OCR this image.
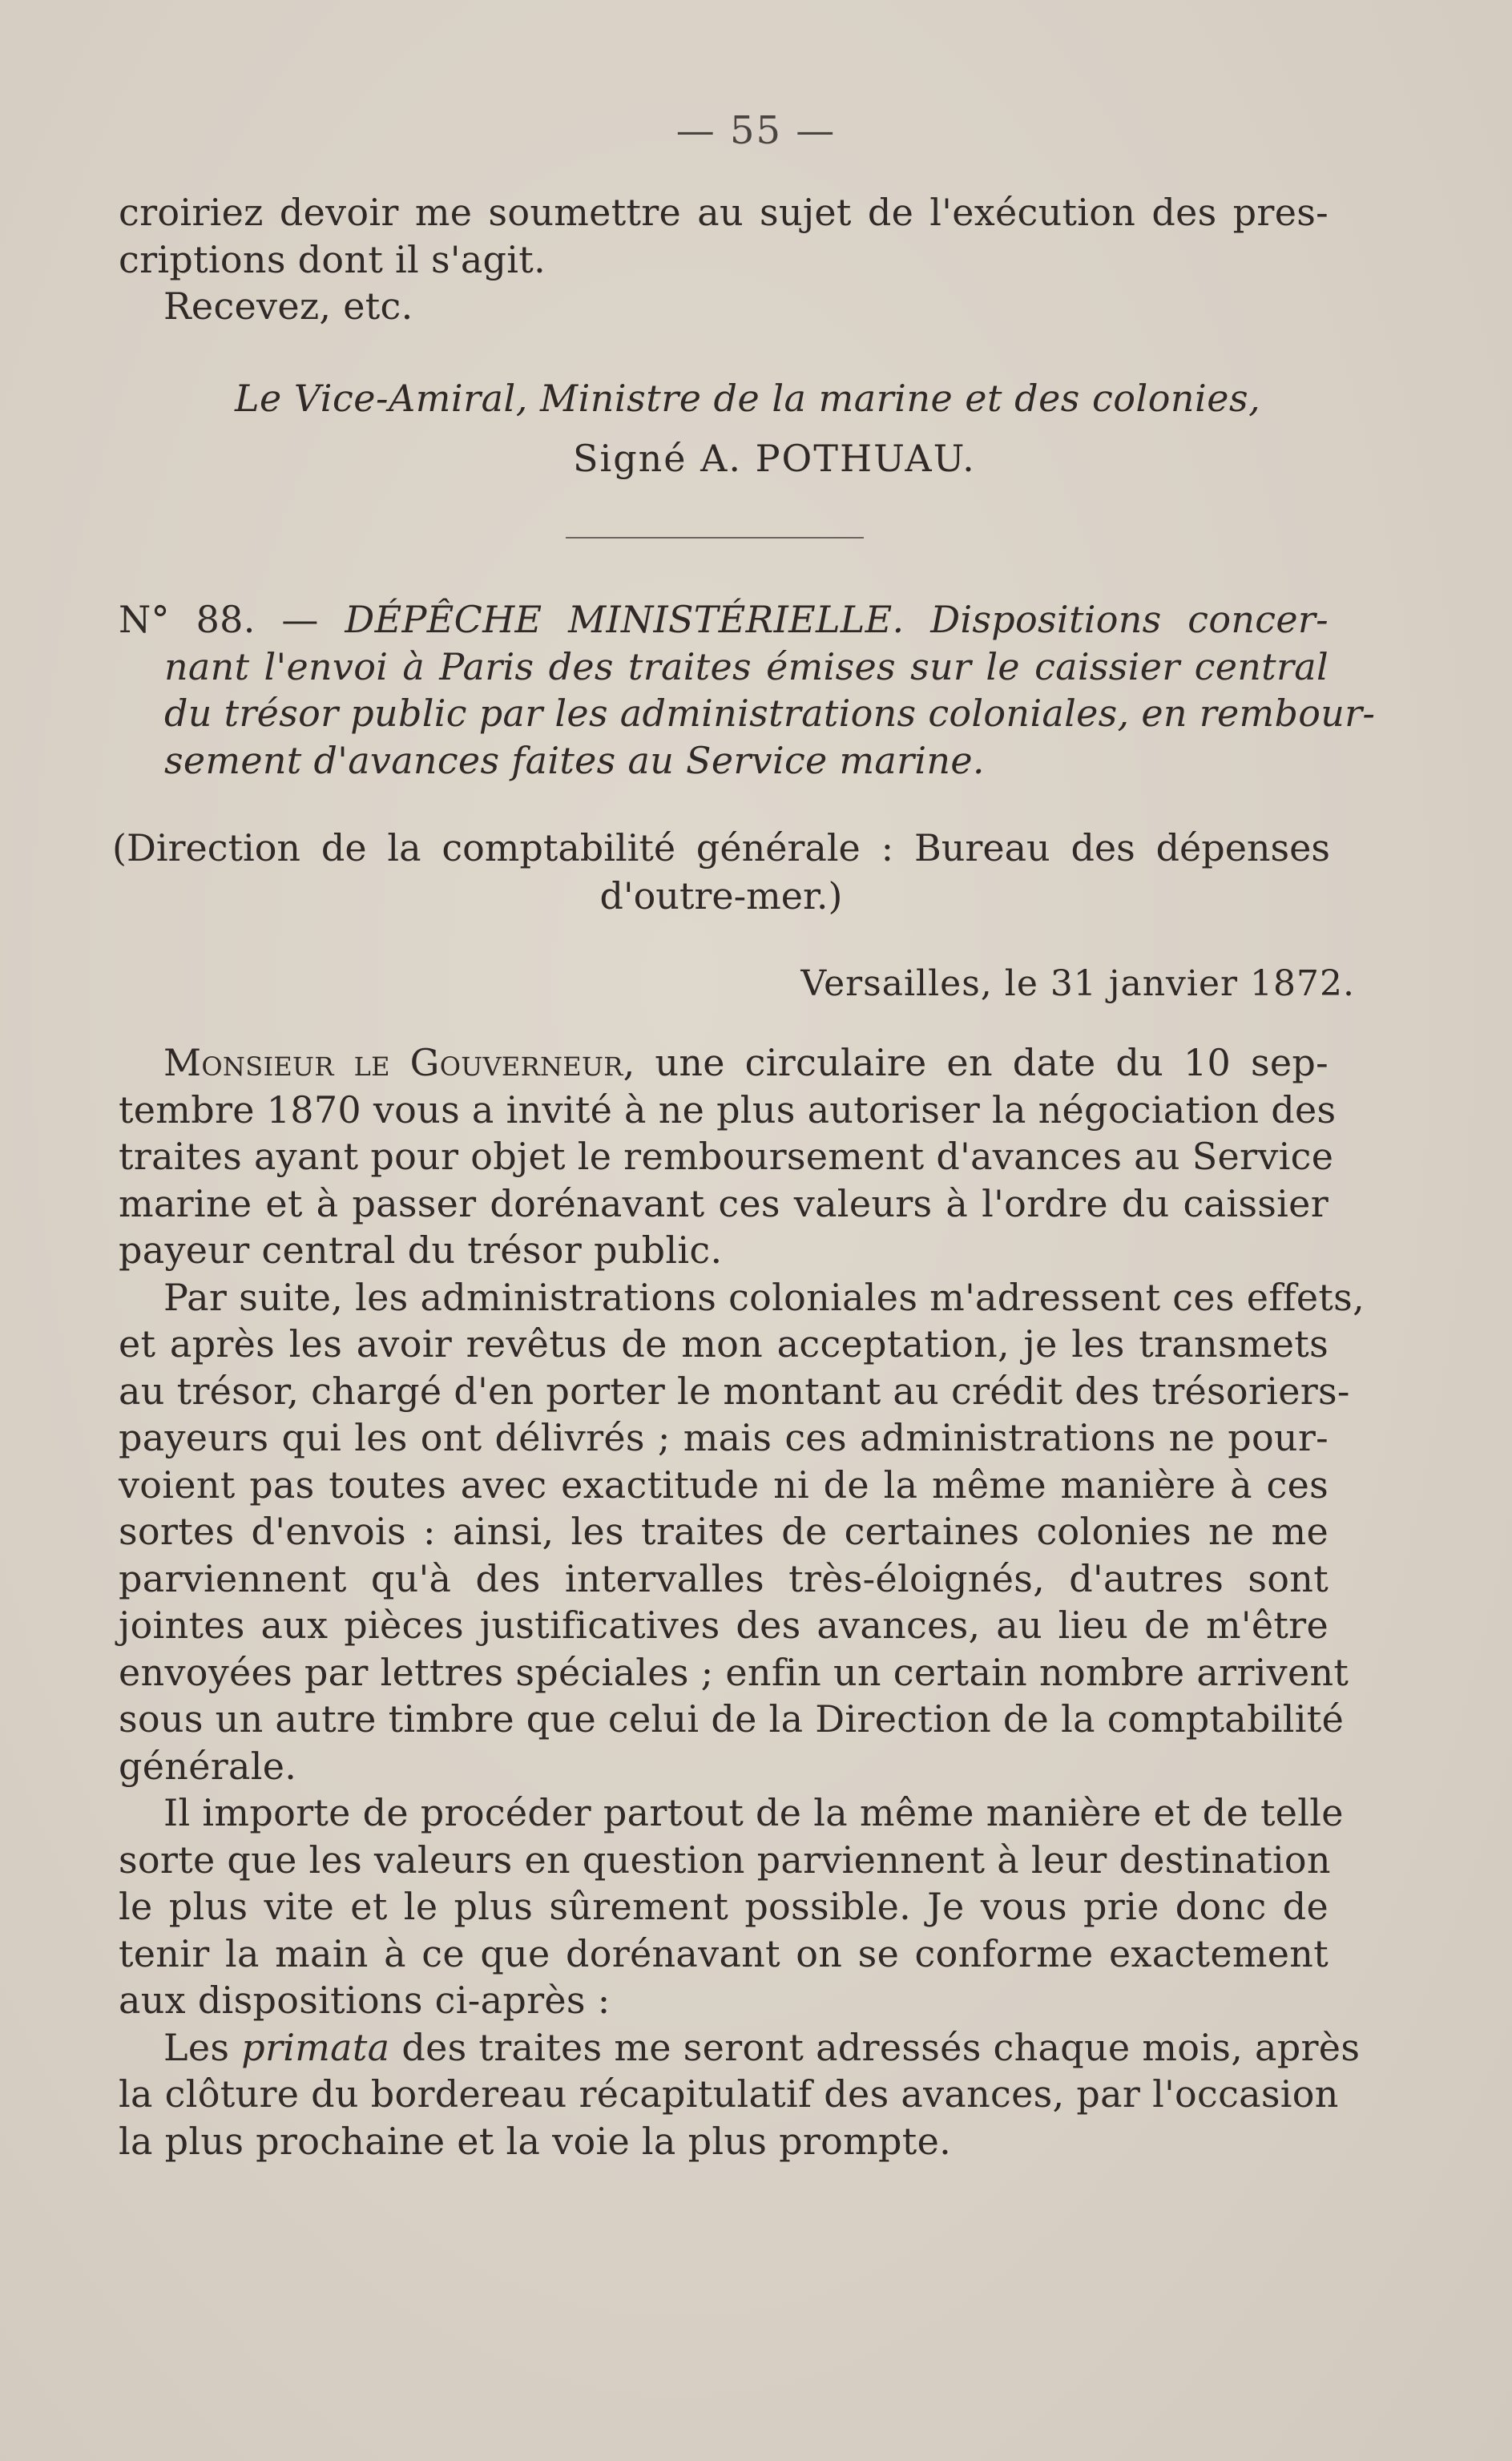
— 55 —
croiriez devoir me soumettre au sujet de l'exécution des pres-
criptions dont il s'agit.
Recevez, etc.
Le Vice-Amiral, Ministre de la marine et des colonies,
Signé A. POTHUAU.
N° 88. — DÉPÊCHE MINISTÉRIELLE. Dispositions concer-
nant l'envoi à Paris des traites émises sur le caissier central
du trésor public par les administrations coloniales, en rembour-
sement d'avances faites au Service marine.
(Direction de la comptabilité générale : Bureau des dépenses
d'outre-mer.)
Versailles, le 31 janvier 1872.
Monsieur le Gouverneur, une circulaire en date du 10 sep-
tembre 1870 vous a invité à ne plus autoriser la négociation des
traites ayant pour objet le remboursement d'avances au Service
marine et à passer dorénavant ces valeurs à l'ordre du caissier
payeur central du trésor public.
Par suite, les administrations coloniales m'adressent ces effets,
et après les avoir revêtus de mon acceptation, je les transmets
au trésor, chargé d'en porter le montant au crédit des trésoriers-
payeurs qui les ont délivrés ; mais ces administrations ne pour-
voient pas toutes avec exactitude ni de la même manière à ces
sortes d'envois : ainsi, les traites de certaines colonies ne me
parviennent qu'à des intervalles très-éloignés, d'autres sont
jointes aux pièces justificatives des avances, au lieu de m'être
envoyées par lettres spéciales ; enfin un certain nombre arrivent
sous un autre timbre que celui de la Direction de la comptabilité
générale.
Il importe de procéder partout de la même manière et de telle
sorte que les valeurs en question parviennent à leur destination
le plus vite et le plus sûrement possible. Je vous prie donc de
tenir la main à ce que dorénavant on se conforme exactement
aux dispositions ci-après :
Les primata des traites me seront adressés chaque mois, après
la clôture du bordereau récapitulatif des avances, par l'occasion
la plus prochaine et la voie la plus prompte.
